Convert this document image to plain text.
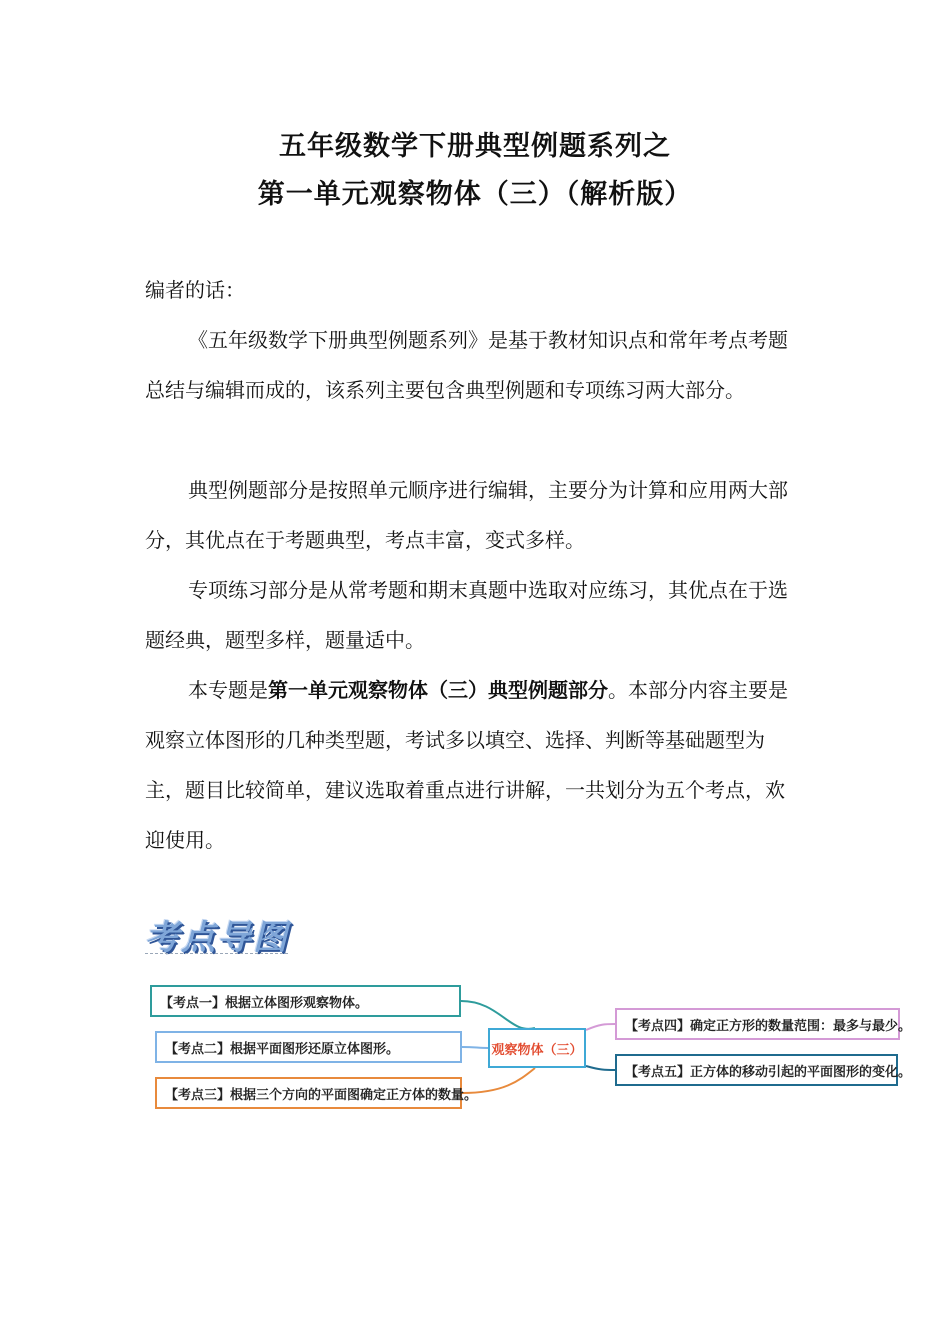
五年级数学下册典型例题系列之
第一单元观察物体（三）（解析版）

编者的话：

《五年级数学下册典型例题系列》是基于教材知识点和常年考点考题总结与编辑而成的，该系列主要包含典型例题和专项练习两大部分。

典型例题部分是按照单元顺序进行编辑，主要分为计算和应用两大部分，其优点在于考题典型，考点丰富，变式多样。

专项练习部分是从常考题和期末真题中选取对应练习，其优点在于选题经典，题型多样，题量适中。

本专题是第一单元观察物体（三）典型例题部分。本部分内容主要是观察立体图形的几种类型题，考试多以填空、选择、判断等基础题型为主，题目比较简单，建议选取着重点进行讲解，一共划分为五个考点，欢迎使用。

考点导图
【考点一】根据立体图形观察物体。
【考点二】根据平面图形还原立体图形。
【考点三】根据三个方向的平面图确定正方体的数量。
观察物体（三）
【考点四】确定正方形的数量范围：最多与最少。
【考点五】正方体的移动引起的平面图形的变化。
